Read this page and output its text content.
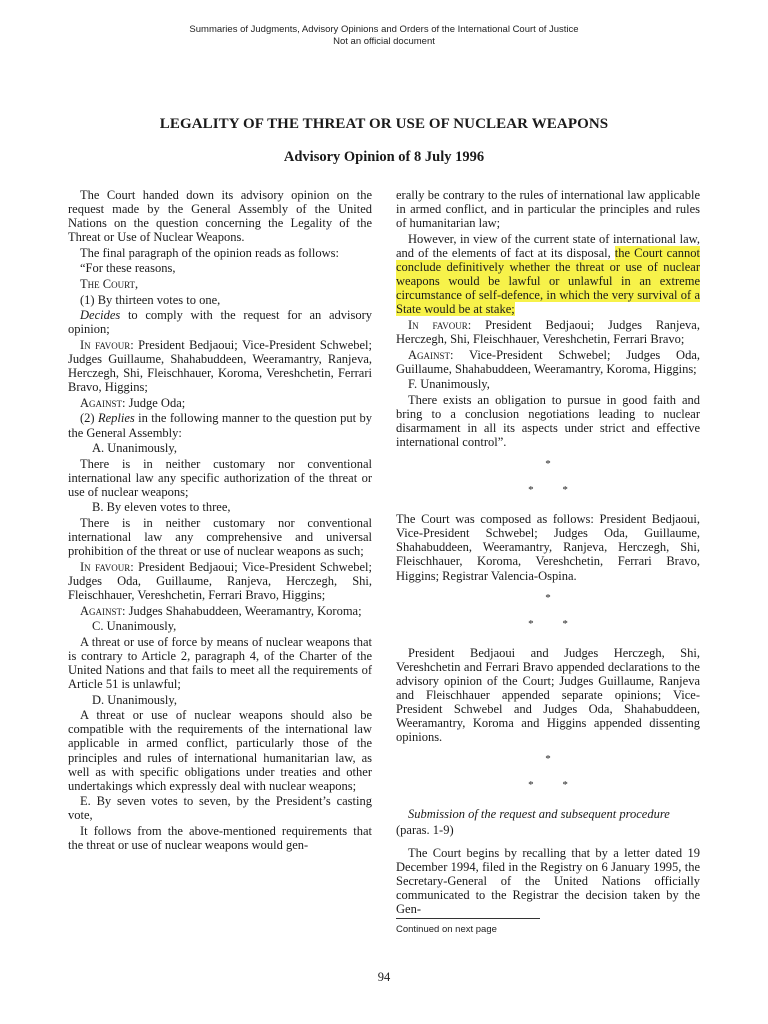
Summaries of Judgments, Advisory Opinions and Orders of the International Court of Justice
Not an official document
LEGALITY OF THE THREAT OR USE OF NUCLEAR WEAPONS
Advisory Opinion of 8 July 1996

The Court handed down its advisory opinion on the request made by the General Assembly of the United Nations on the question concerning the Legality of the Threat or Use of Nuclear Weapons.

The final paragraph of the opinion reads as follows:

“For these reasons,

The Court,

(1) By thirteen votes to one,

Decides to comply with the request for an advisory opinion;

In favour: President Bedjaoui; Vice-President Schwebel; Judges Guillaume, Shahabuddeen, Weeramantry, Ranjeva, Herczegh, Shi, Fleischhauer, Koroma, Vereshchetin, Ferrari Bravo, Higgins;

Against: Judge Oda;

(2) Replies in the following manner to the question put by the General Assembly:

A. Unanimously,

There is in neither customary nor conventional international law any specific authorization of the threat or use of nuclear weapons;

B. By eleven votes to three,

There is in neither customary nor conventional international law any comprehensive and universal prohibition of the threat or use of nuclear weapons as such;

In favour: President Bedjaoui; Vice-President Schwebel; Judges Oda, Guillaume, Ranjeva, Herczegh, Shi, Fleischhauer, Vereshchetin, Ferrari Bravo, Higgins;

Against: Judges Shahabuddeen, Weeramantry, Koroma;

C. Unanimously,

A threat or use of force by means of nuclear weapons that is contrary to Article 2, paragraph 4, of the Charter of the United Nations and that fails to meet all the requirements of Article 51 is unlawful;

D. Unanimously,

A threat or use of nuclear weapons should also be compatible with the requirements of the international law applicable in armed conflict, particularly those of the principles and rules of international humanitarian law, as well as with specific obligations under treaties and other undertakings which expressly deal with nuclear weapons;

E. By seven votes to seven, by the President’s casting vote,

It follows from the above-mentioned requirements that the threat or use of nuclear weapons would gen-

erally be contrary to the rules of international law applicable in armed conflict, and in particular the principles and rules of humanitarian law;

However, in view of the current state of international law, and of the elements of fact at its disposal, the Court cannot conclude definitively whether the threat or use of nuclear weapons would be lawful or unlawful in an extreme circumstance of self-defence, in which the very survival of a State would be at stake;

In favour: President Bedjaoui; Judges Ranjeva, Herczegh, Shi, Fleischhauer, Vereshchetin, Ferrari Bravo;

Against: Vice-President Schwebel; Judges Oda, Guillaume, Shahabuddeen, Weeramantry, Koroma, Higgins;

F. Unanimously,

There exists an obligation to pursue in good faith and bring to a conclusion negotiations leading to nuclear disarmament in all its aspects under strict and effective international control”.

*
* *

The Court was composed as follows: President Bedjaoui, Vice-President Schwebel; Judges Oda, Guillaume, Shahabuddeen, Weeramantry, Ranjeva, Herczegh, Shi, Fleischhauer, Koroma, Vereshchetin, Ferrari Bravo, Higgins; Registrar Valencia-Ospina.

*
* *

President Bedjaoui and Judges Herczegh, Shi, Vereshchetin and Ferrari Bravo appended declarations to the advisory opinion of the Court; Judges Guillaume, Ranjeva and Fleischhauer appended separate opinions; Vice-President Schwebel and Judges Oda, Shahabuddeen, Weeramantry, Koroma and Higgins appended dissenting opinions.

*
* *

Submission of the request and subsequent procedure

(paras. 1-9)

The Court begins by recalling that by a letter dated 19 December 1994, filed in the Registry on 6 January 1995, the Secretary-General of the United Nations officially communicated to the Registrar the decision taken by the Gen-

Continued on next page
94
